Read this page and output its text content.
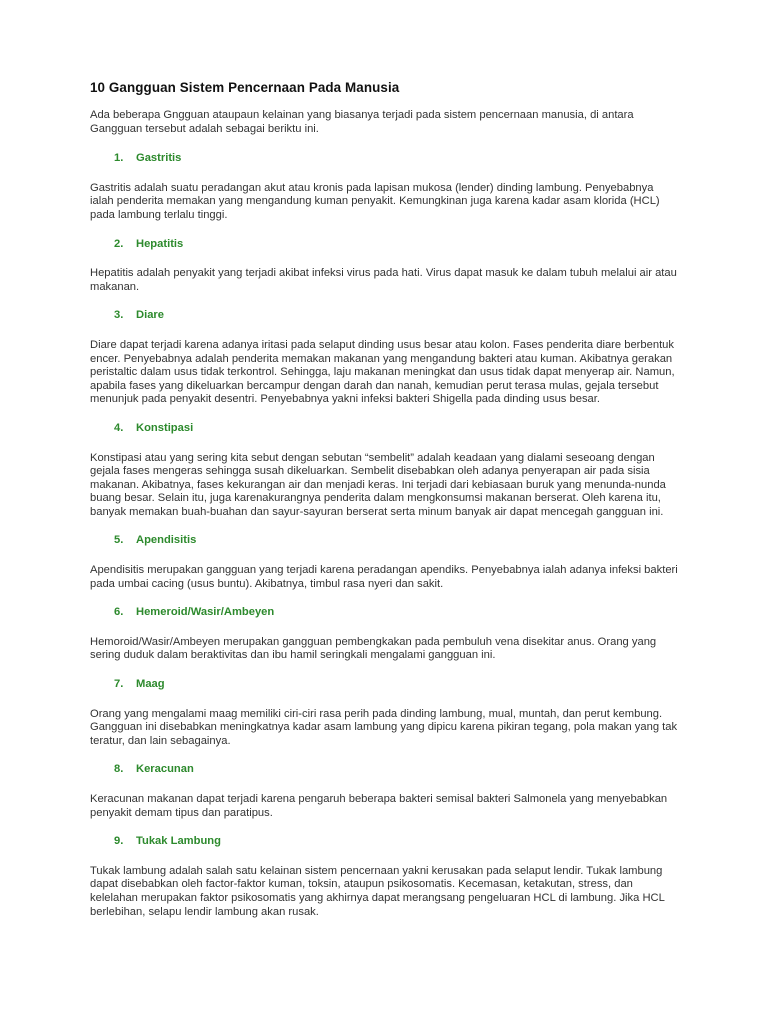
10 Gangguan Sistem Pencernaan Pada Manusia

Ada beberapa Gngguan ataupaun kelainan yang biasanya terjadi pada sistem pencernaan manusia, di antara Gangguan tersebut adalah sebagai beriktu ini.

1.	Gastritis

Gastritis adalah suatu peradangan akut atau kronis pada lapisan mukosa (lender) dinding lambung. Penyebabnya ialah penderita memakan yang mengandung kuman penyakit. Kemungkinan juga karena kadar asam klorida (HCL) pada lambung terlalu tinggi.

2.	Hepatitis

Hepatitis adalah penyakit yang terjadi akibat infeksi virus pada hati. Virus dapat masuk ke dalam tubuh melalui air atau makanan.

3.	Diare

Diare dapat terjadi karena adanya iritasi pada selaput dinding usus besar atau kolon. Fases penderita diare berbentuk encer. Penyebabnya adalah penderita memakan makanan yang mengandung bakteri atau kuman. Akibatnya gerakan peristaltic dalam usus tidak terkontrol. Sehingga, laju makanan meningkat dan usus tidak dapat menyerap air. Namun, apabila fases yang dikeluarkan bercampur dengan darah dan nanah, kemudian perut terasa mulas, gejala tersebut menunjuk pada penyakit desentri. Penyebabnya yakni infeksi bakteri Shigella pada dinding usus besar.

4.	Konstipasi

Konstipasi atau yang sering kita sebut dengan sebutan “sembelit” adalah keadaan yang dialami seseoang dengan gejala fases mengeras sehingga susah dikeluarkan. Sembelit disebabkan oleh adanya penyerapan air pada sisia makanan. Akibatnya, fases kekurangan air dan menjadi keras. Ini terjadi dari kebiasaan buruk yang menunda-nunda buang besar. Selain itu, juga karenakurangnya penderita dalam mengkonsumsi makanan berserat. Oleh karena itu, banyak memakan buah-buahan dan sayur-sayuran berserat serta minum banyak air dapat mencegah gangguan ini.

5.	Apendisitis

Apendisitis merupakan gangguan yang terjadi karena peradangan apendiks. Penyebabnya ialah adanya infeksi bakteri pada umbai cacing (usus buntu). Akibatnya, timbul rasa nyeri dan sakit.

6.	Hemeroid/Wasir/Ambeyen

Hemoroid/Wasir/Ambeyen merupakan gangguan pembengkakan pada pembuluh vena disekitar anus. Orang yang sering duduk dalam beraktivitas dan ibu hamil seringkali mengalami gangguan ini.

7.	Maag

Orang yang mengalami maag memiliki ciri-ciri rasa perih pada dinding lambung, mual, muntah, dan perut kembung. Gangguan ini disebabkan meningkatnya kadar asam lambung yang dipicu karena pikiran tegang, pola makan yang tak teratur, dan lain sebagainya.

8.	Keracunan

Keracunan makanan dapat terjadi karena pengaruh beberapa bakteri semisal bakteri Salmonela yang menyebabkan penyakit demam tipus dan paratipus.

9.	Tukak Lambung

Tukak lambung adalah salah satu kelainan sistem pencernaan yakni kerusakan pada selaput lendir. Tukak lambung dapat disebabkan oleh factor-faktor kuman, toksin, ataupun psikosomatis. Kecemasan, ketakutan, stress, dan kelelahan merupakan faktor psikosomatis yang akhirnya dapat merangsang pengeluaran HCL di lambung. Jika HCL berlebihan, selapu lendir lambung akan rusak.
